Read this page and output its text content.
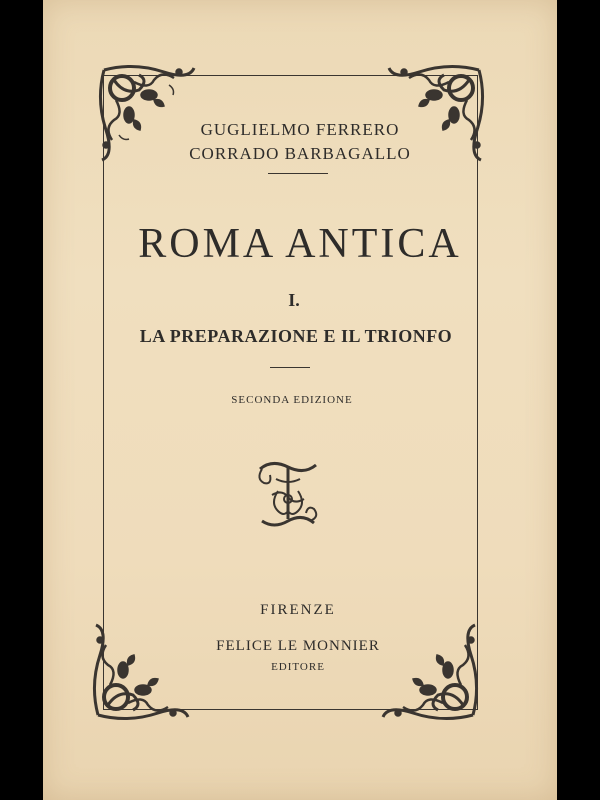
GUGLIELMO FERRERO
CORRADO BARBAGALLO
ROMA ANTICA
I.
LA PREPARAZIONE E IL TRIONFO
SECONDA EDIZIONE
FIRENZE
FELICE LE MONNIER
EDITORE
